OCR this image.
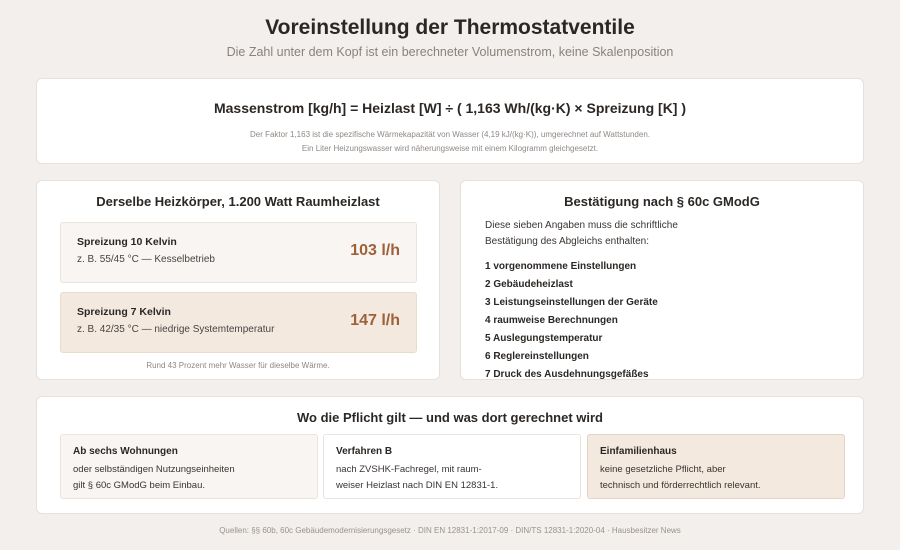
Voreinstellung der Thermostatventile
Die Zahl unter dem Kopf ist ein berechneter Volumenstrom, keine Skalenposition
Massenstrom [kg/h] = Heizlast [W] ÷ ( 1,163 Wh/(kg·K) × Spreizung [K] )
Der Faktor 1,163 ist die spezifische Wärmekapazität von Wasser (4,19 kJ/(kg·K)), umgerechnet auf Wattstunden.
Ein Liter Heizungswasser wird näherungsweise mit einem Kilogramm gleichgesetzt.
Derselbe Heizkörper, 1.200 Watt Raumheizlast
Spreizung 10 Kelvin
z. B. 55/45 °C — Kesselbetrieb
103 l/h
Spreizung 7 Kelvin
z. B. 42/35 °C — niedrige Systemtemperatur
147 l/h
Rund 43 Prozent mehr Wasser für dieselbe Wärme.
Bestätigung nach § 60c GModG
Diese sieben Angaben muss die schriftliche
Bestätigung des Abgleichs enthalten:
1 vorgenommene Einstellungen
2 Gebäudeheizlast
3 Leistungseinstellungen der Geräte
4 raumweise Berechnungen
5 Auslegungstemperatur
6 Reglereinstellungen
7 Druck des Ausdehnungsgefäßes
Wo die Pflicht gilt — und was dort gerechnet wird
Ab sechs Wohnungen
oder selbständigen Nutzungseinheiten
gilt § 60c GModG beim Einbau.
Verfahren B
nach ZVSHK-Fachregel, mit raum-
weiser Heizlast nach DIN EN 12831-1.
Einfamilienhaus
keine gesetzliche Pflicht, aber
technisch und förderrechtlich relevant.
Quellen: §§ 60b, 60c Gebäudemodernisierungsgesetz · DIN EN 12831-1:2017-09 · DIN/TS 12831-1:2020-04 · Hausbesitzer News
